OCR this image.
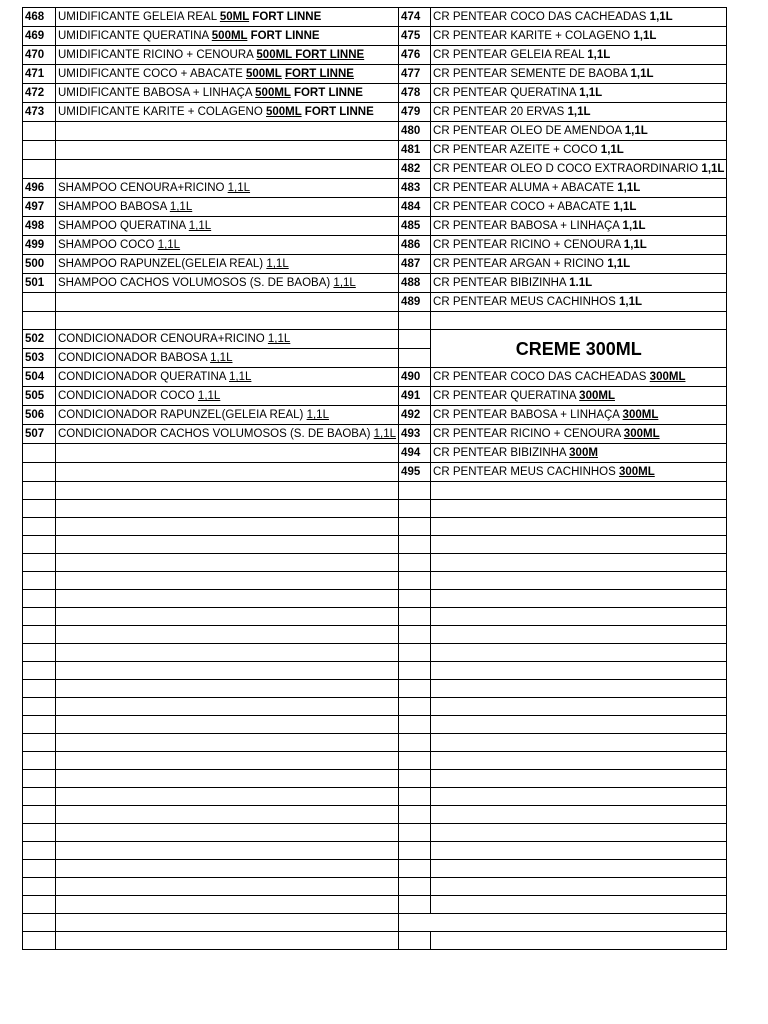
468	UMIDIFICANTE GELEIA REAL 50ML FORT LINNE	474	CR PENTEAR COCO DAS CACHEADAS 1,1L
469	UMIDIFICANTE QUERATINA 500ML FORT LINNE	475	CR PENTEAR KARITE + COLAGENO 1,1L
470	UMIDIFICANTE RICINO + CENOURA 500ML FORT LINNE	476	CR PENTEAR GELEIA REAL 1,1L
471	UMIDIFICANTE COCO + ABACATE 500ML FORT LINNE	477	CR PENTEAR SEMENTE DE BAOBA 1,1L
472	UMIDIFICANTE BABOSA + LINHAÇA 500ML FORT LINNE	478	CR PENTEAR QUERATINA 1,1L
473	UMIDIFICANTE KARITE + COLAGENO 500ML FORT LINNE	479	CR PENTEAR 20 ERVAS 1,1L
		480	CR PENTEAR OLEO DE AMENDOA 1,1L
		481	CR PENTEAR AZEITE + COCO 1,1L
		482	CR PENTEAR OLEO D COCO EXTRAORDINARIO 1,1L
496	SHAMPOO CENOURA+RICINO 1,1L	483	CR PENTEAR ALUMA + ABACATE 1,1L
497	SHAMPOO BABOSA 1,1L	484	CR PENTEAR COCO + ABACATE 1,1L
498	SHAMPOO QUERATINA 1,1L	485	CR PENTEAR BABOSA + LINHAÇA 1,1L
499	SHAMPOO COCO 1,1L	486	CR PENTEAR RICINO + CENOURA 1,1L
500	SHAMPOO RAPUNZEL(GELEIA REAL) 1,1L	487	CR PENTEAR ARGAN + RICINO 1,1L
501	SHAMPOO CACHOS VOLUMOSOS (S. DE BAOBA) 1,1L	488	CR PENTEAR BIBIZINHA 1.1L
		489	CR PENTEAR MEUS CACHINHOS 1,1L

502	CONDICIONADOR CENOURA+RICINO 1,1L		CREME 300ML
503	CONDICIONADOR BABOSA 1,1L		
504	CONDICIONADOR QUERATINA 1,1L	490	CR PENTEAR COCO DAS CACHEADAS 300ML
505	CONDICIONADOR COCO 1,1L	491	CR PENTEAR QUERATINA 300ML
506	CONDICIONADOR RAPUNZEL(GELEIA REAL) 1,1L	492	CR PENTEAR BABOSA + LINHAÇA 300ML
507	CONDICIONADOR CACHOS VOLUMOSOS (S. DE BAOBA) 1,1L	493	CR PENTEAR RICINO + CENOURA 300ML
		494	CR PENTEAR BIBIZINHA 300M
		495	CR PENTEAR MEUS CACHINHOS 300ML
